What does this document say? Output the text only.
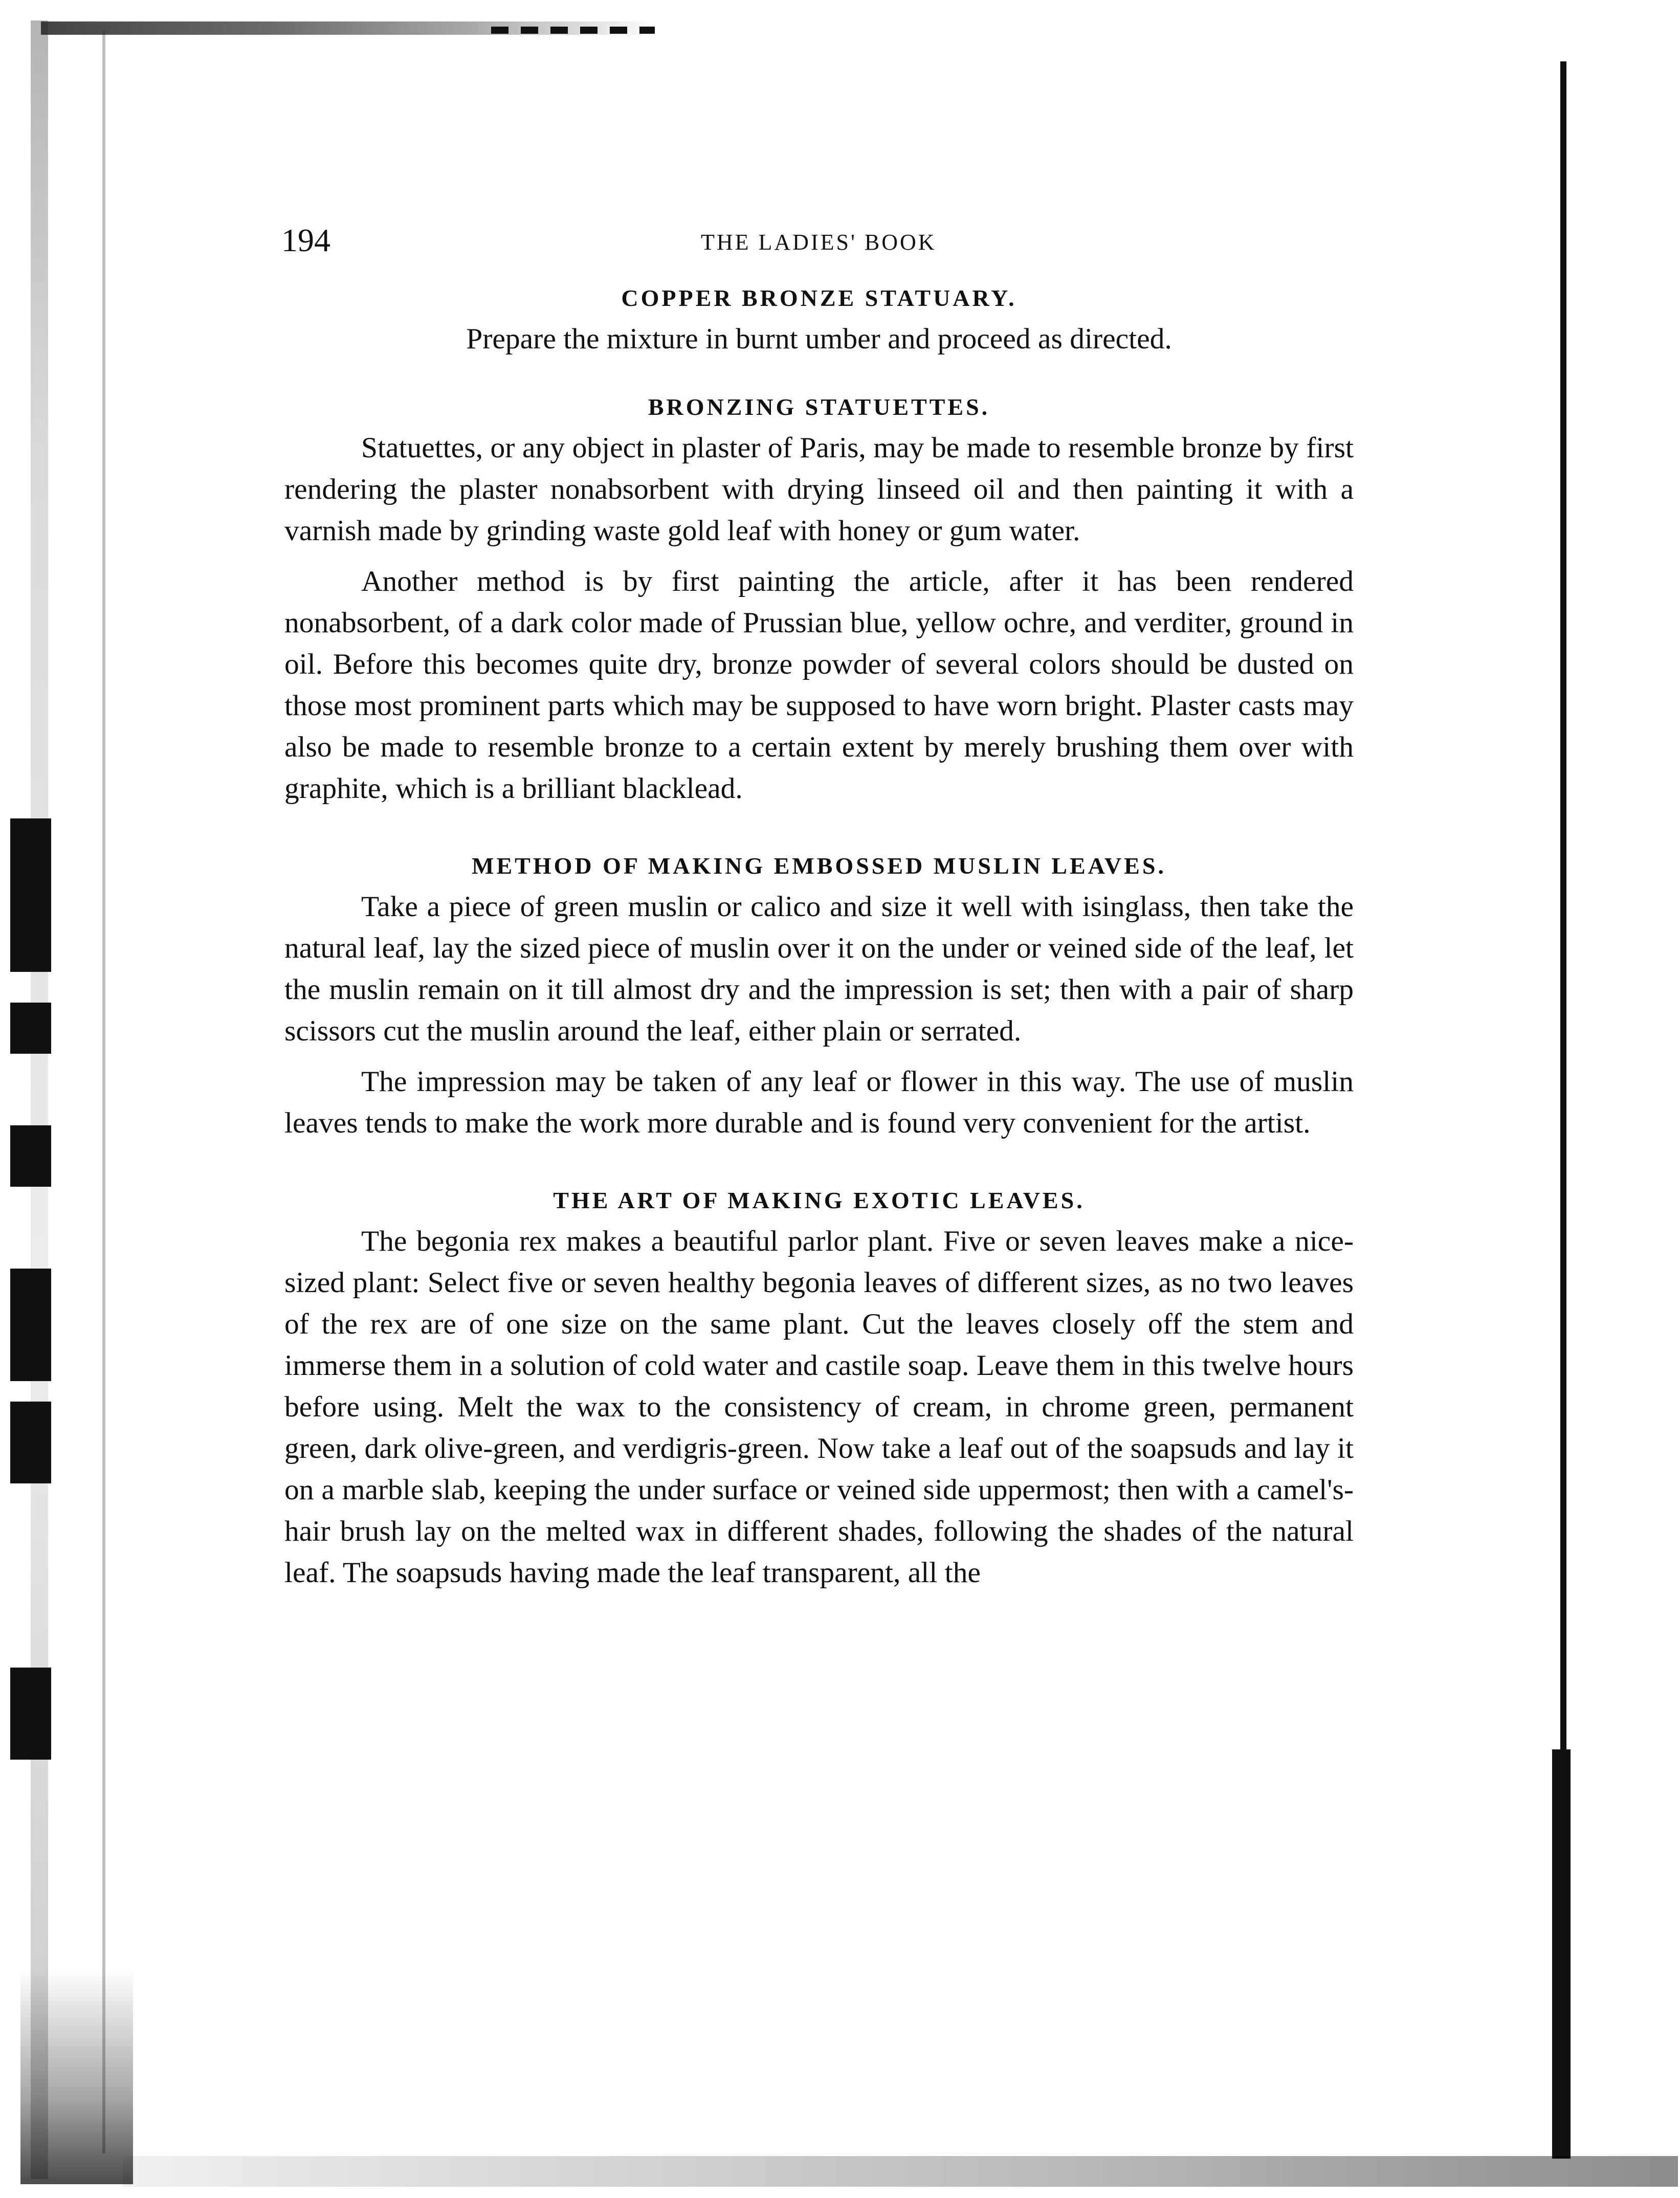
194	THE LADIES' BOOK
COPPER BRONZE STATUARY.

Prepare the mixture in burnt umber and proceed as directed.

BRONZING STATUETTES.

Statuettes, or any object in plaster of Paris, may be made to resemble bronze by first rendering the plaster nonabsorbent with drying linseed oil and then painting it with a varnish made by grinding waste gold leaf with honey or gum water.

Another method is by first painting the article, after it has been rendered nonabsorbent, of a dark color made of Prussian blue, yellow ochre, and verditer, ground in oil. Before this becomes quite dry, bronze powder of several colors should be dusted on those most prominent parts which may be supposed to have worn bright. Plaster casts may also be made to resemble bronze to a certain extent by merely brushing them over with graphite, which is a brilliant blacklead.

METHOD OF MAKING EMBOSSED MUSLIN LEAVES.

Take a piece of green muslin or calico and size it well with isinglass, then take the natural leaf, lay the sized piece of muslin over it on the under or veined side of the leaf, let the muslin remain on it till almost dry and the impression is set; then with a pair of sharp scissors cut the muslin around the leaf, either plain or serrated.

The impression may be taken of any leaf or flower in this way. The use of muslin leaves tends to make the work more durable and is found very convenient for the artist.

THE ART OF MAKING EXOTIC LEAVES.

The begonia rex makes a beautiful parlor plant. Five or seven leaves make a nice-sized plant: Select five or seven healthy begonia leaves of different sizes, as no two leaves of the rex are of one size on the same plant. Cut the leaves closely off the stem and immerse them in a solution of cold water and castile soap. Leave them in this twelve hours before using. Melt the wax to the consistency of cream, in chrome green, permanent green, dark olive-green, and verdigris-green. Now take a leaf out of the soapsuds and lay it on a marble slab, keeping the under surface or veined side uppermost; then with a camel's-hair brush lay on the melted wax in different shades, following the shades of the natural leaf. The soapsuds having made the leaf transparent, all the
